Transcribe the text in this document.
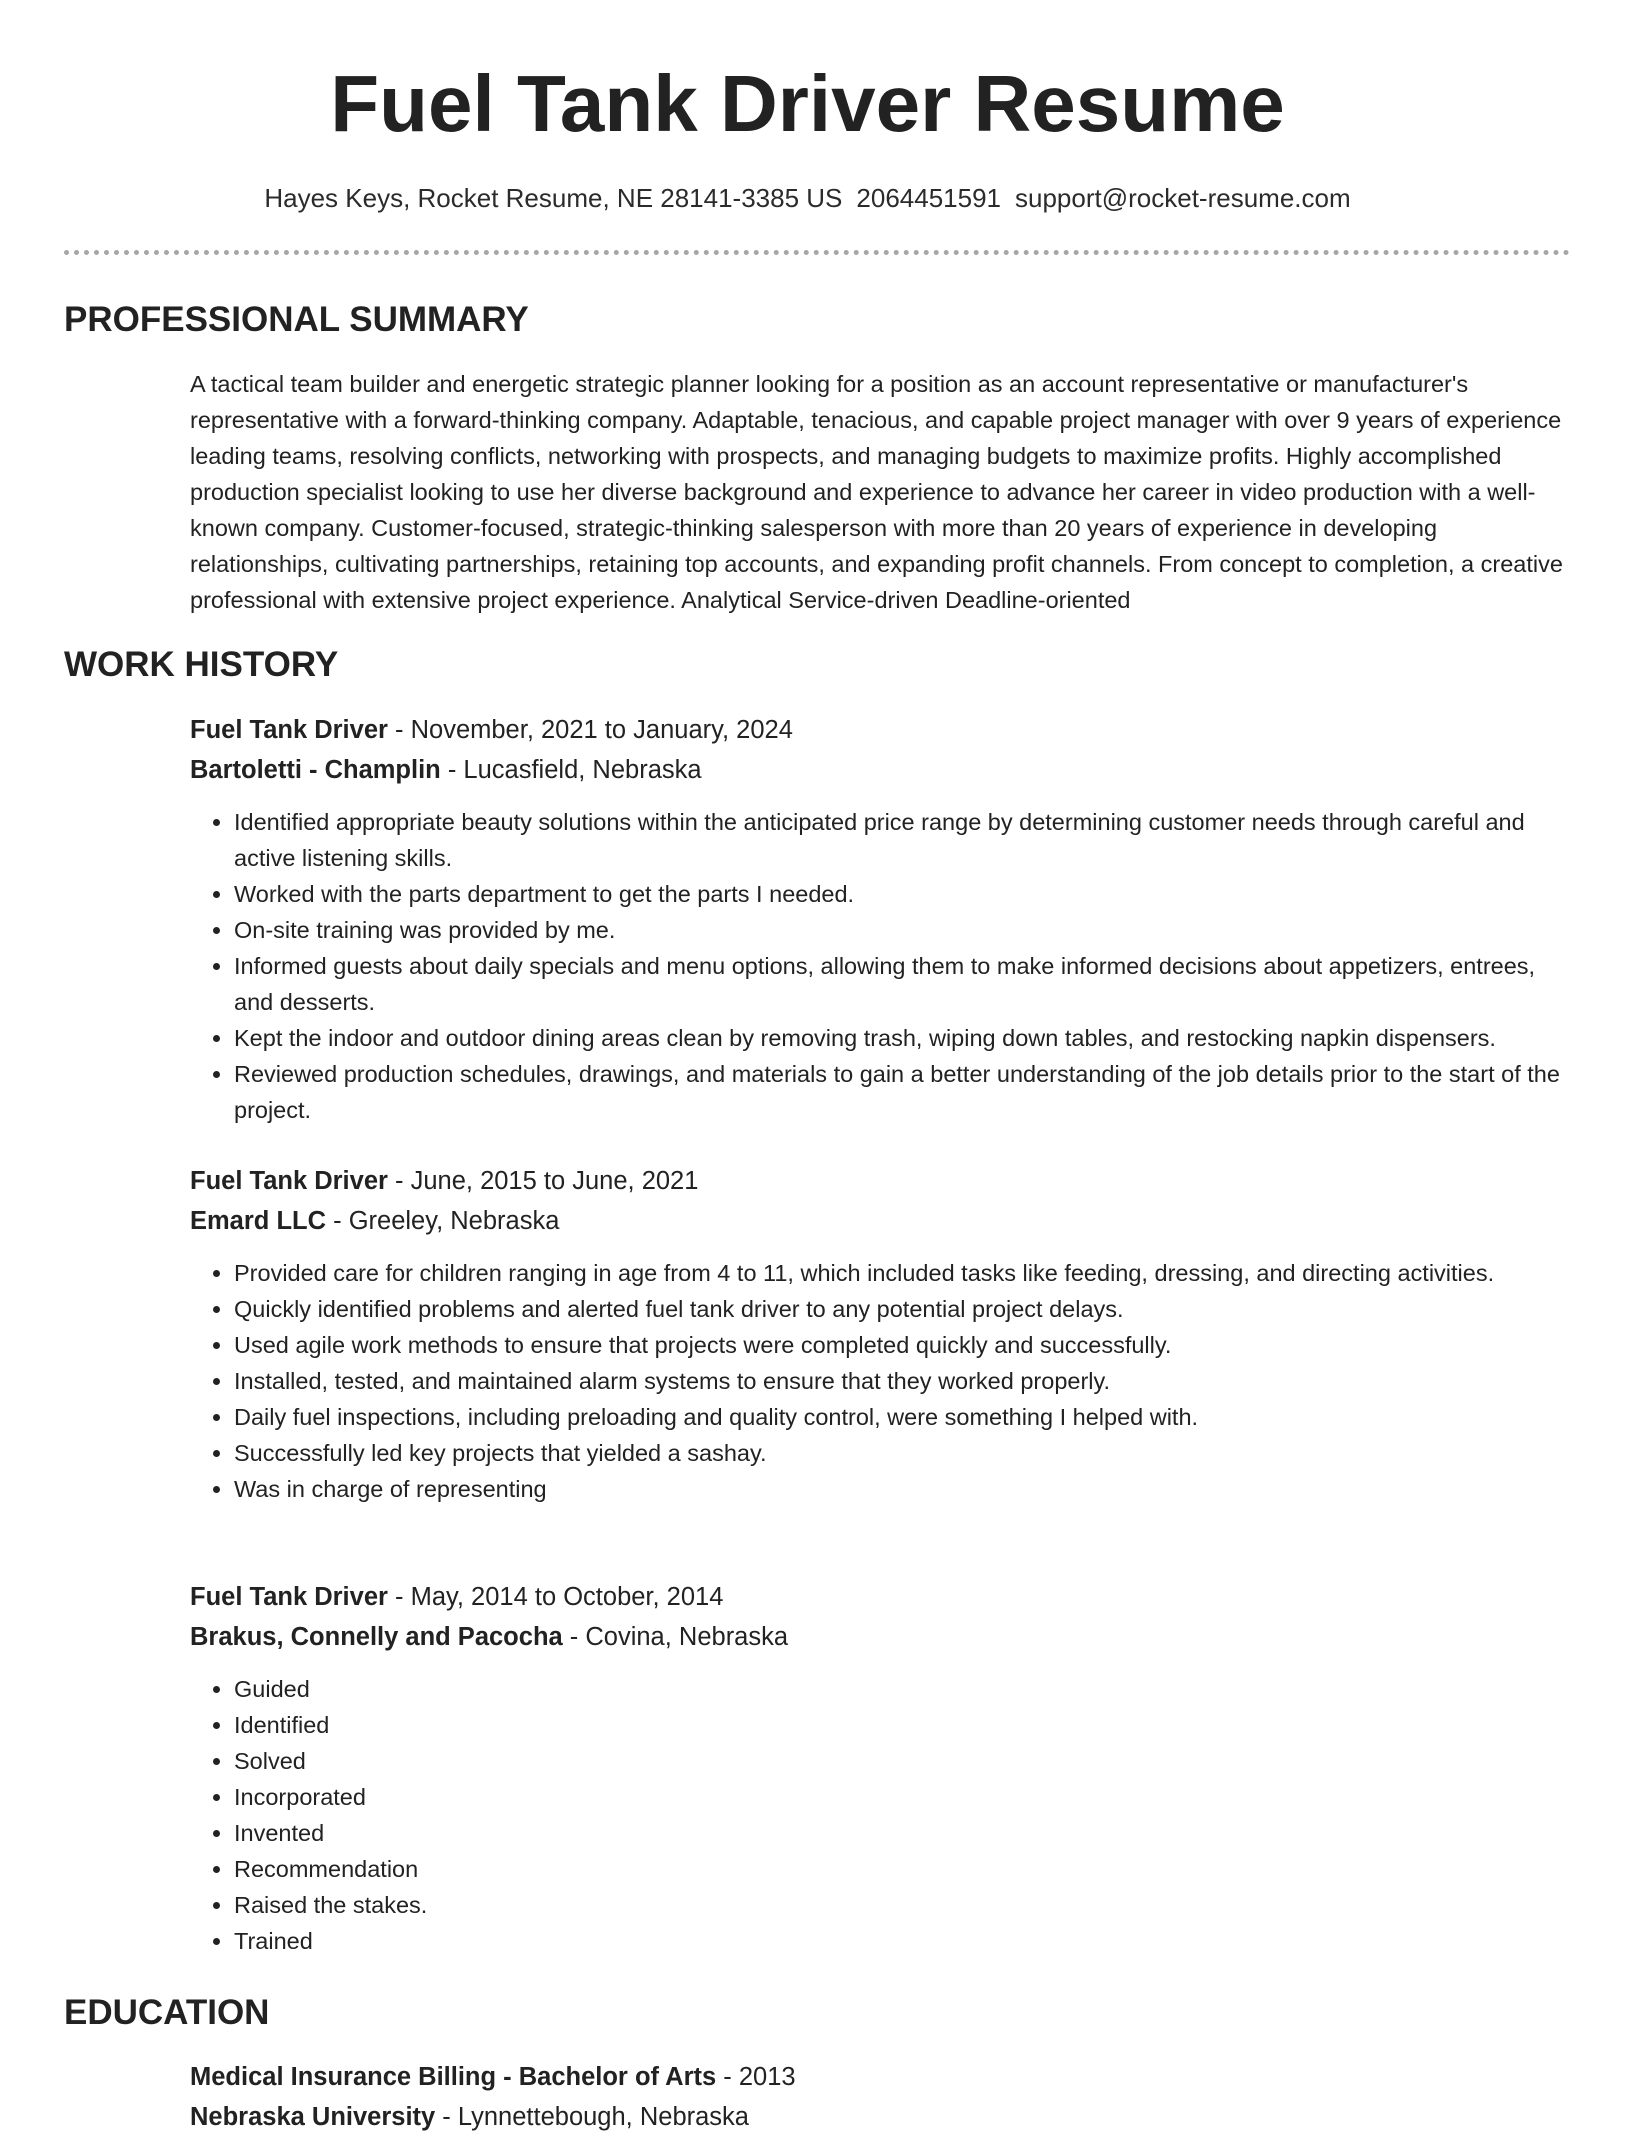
Fuel Tank Driver Resume
Hayes Keys, Rocket Resume, NE 28141-3385 US 2064451591 support@rocket-resume.com
PROFESSIONAL SUMMARY

A tactical team builder and energetic strategic planner looking for a position as an account representative or manufacturer's representative with a forward-thinking company. Adaptable, tenacious, and capable project manager with over 9 years of experience leading teams, resolving conflicts, networking with prospects, and managing budgets to maximize profits. Highly accomplished production specialist looking to use her diverse background and experience to advance her career in video production with a well-known company. Customer-focused, strategic-thinking salesperson with more than 20 years of experience in developing relationships, cultivating partnerships, retaining top accounts, and expanding profit channels. From concept to completion, a creative professional with extensive project experience. Analytical Service-driven Deadline-oriented

WORK HISTORY
Fuel Tank Driver - November, 2021 to January, 2024
Bartoletti - Champlin - Lucasfield, Nebraska
• Identified appropriate beauty solutions within the anticipated price range by determining customer needs through careful and active listening skills.
• Worked with the parts department to get the parts I needed.
• On-site training was provided by me.
• Informed guests about daily specials and menu options, allowing them to make informed decisions about appetizers, entrees, and desserts.
• Kept the indoor and outdoor dining areas clean by removing trash, wiping down tables, and restocking napkin dispensers.
• Reviewed production schedules, drawings, and materials to gain a better understanding of the job details prior to the start of the project.
Fuel Tank Driver - June, 2015 to June, 2021
Emard LLC - Greeley, Nebraska
• Provided care for children ranging in age from 4 to 11, which included tasks like feeding, dressing, and directing activities.
• Quickly identified problems and alerted fuel tank driver to any potential project delays.
• Used agile work methods to ensure that projects were completed quickly and successfully.
• Installed, tested, and maintained alarm systems to ensure that they worked properly.
• Daily fuel inspections, including preloading and quality control, were something I helped with.
• Successfully led key projects that yielded a sashay.
• Was in charge of representing
Fuel Tank Driver - May, 2014 to October, 2014
Brakus, Connelly and Pacocha - Covina, Nebraska
• Guided
• Identified
• Solved
• Incorporated
• Invented
• Recommendation
• Raised the stakes.
• Trained
EDUCATION
Medical Insurance Billing - Bachelor of Arts - 2013
Nebraska University - Lynnettebough, Nebraska
